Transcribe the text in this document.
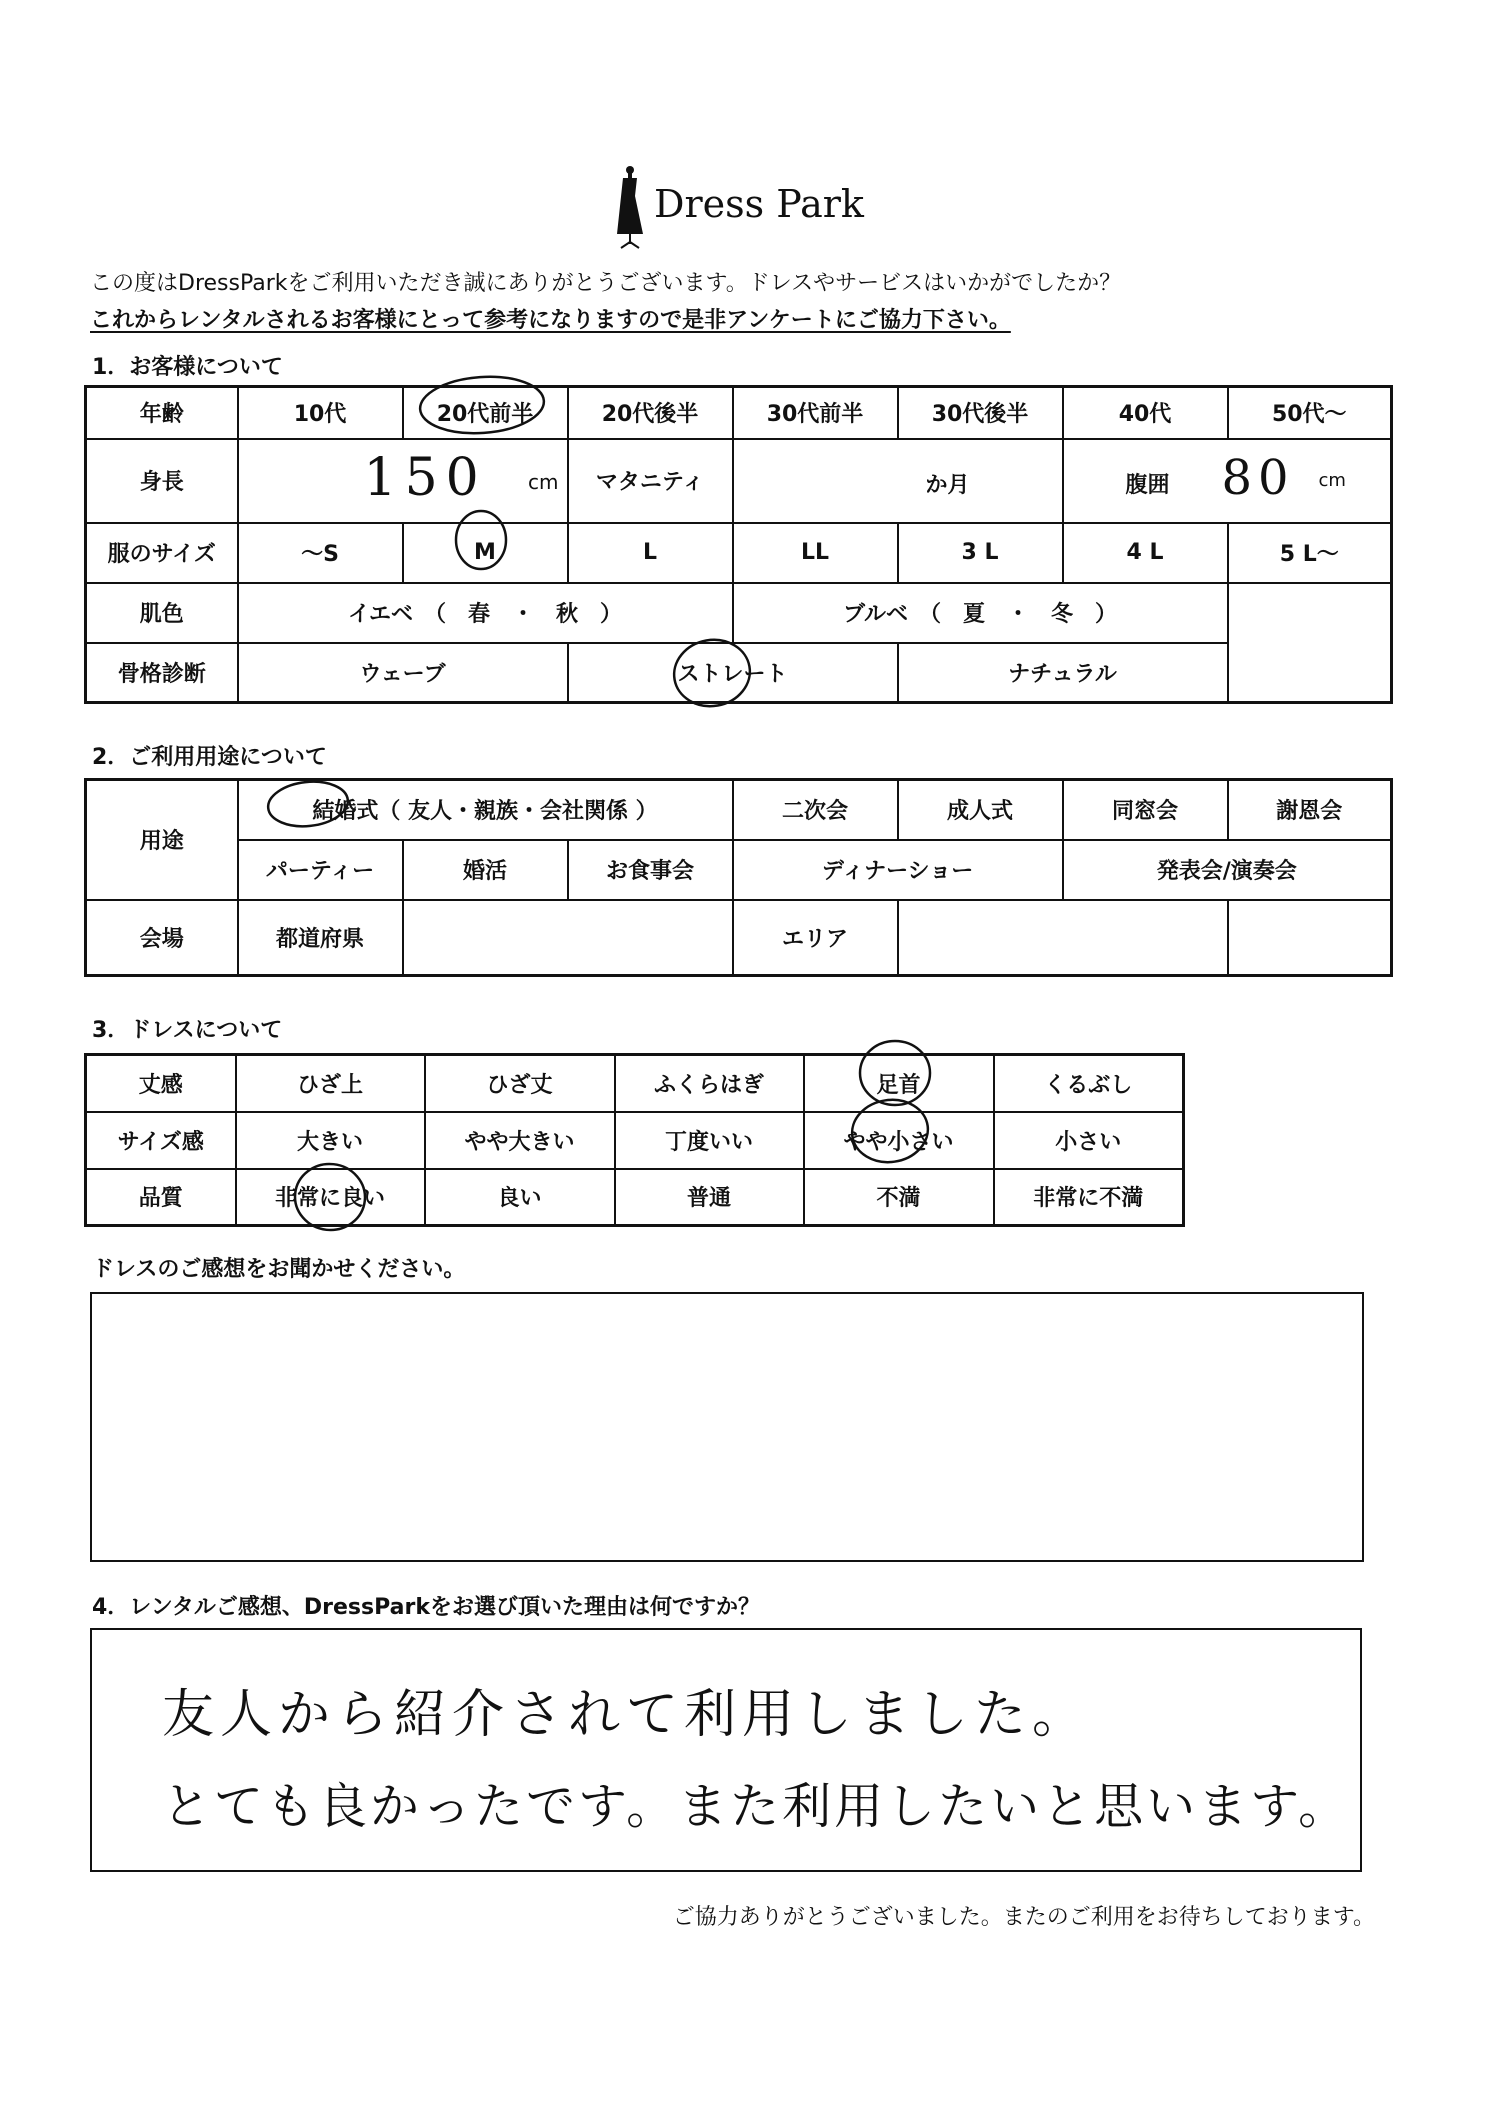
Dress Park
この度はDressParkをご利用いただき誠にありがとうございます。ドレスやサービスはいかがでしたか？
これからレンタルされるお客様にとって参考になりますので是非アンケートにご協力下さい。
1．お客様について
年齢	10代	20代前半	20代後半	30代前半	30代後半	40代	50代～
身長	150 cm		マタニティ	か月		腹囲 80 cm	

服のサイズ	～S	M	L	LL	3 L	4 L	5 L～
肌色	イエベ　（　春　・　秋　）			ブルベ　（　夏　・　冬　）			
骨格診断	ウェーブ		ストレート		ナチュラル		
2．ご利用用途について
用途	結婚式（ 友人・親族・会社関係 ）			二次会	成人式	同窓会	謝恩会
	パーティー	婚活	お食事会	ディナーショー		発表会/演奏会	
会場	都道府県			エリア			
3．ドレスについて
丈感	ひざ上	ひざ丈	ふくらはぎ	足首	くるぶし
サイズ感	大きい	やや大きい	丁度いい	やや小さい	小さい
品質	非常に良い	良い	普通	不満	非常に不満
ドレスのご感想をお聞かせください。
4．レンタルご感想、DressParkをお選び頂いた理由は何ですか？
友人から紹介されて利用しました。
とても良かったです。また利用したいと思います。
ご協力ありがとうございました。またのご利用をお待ちしております。
